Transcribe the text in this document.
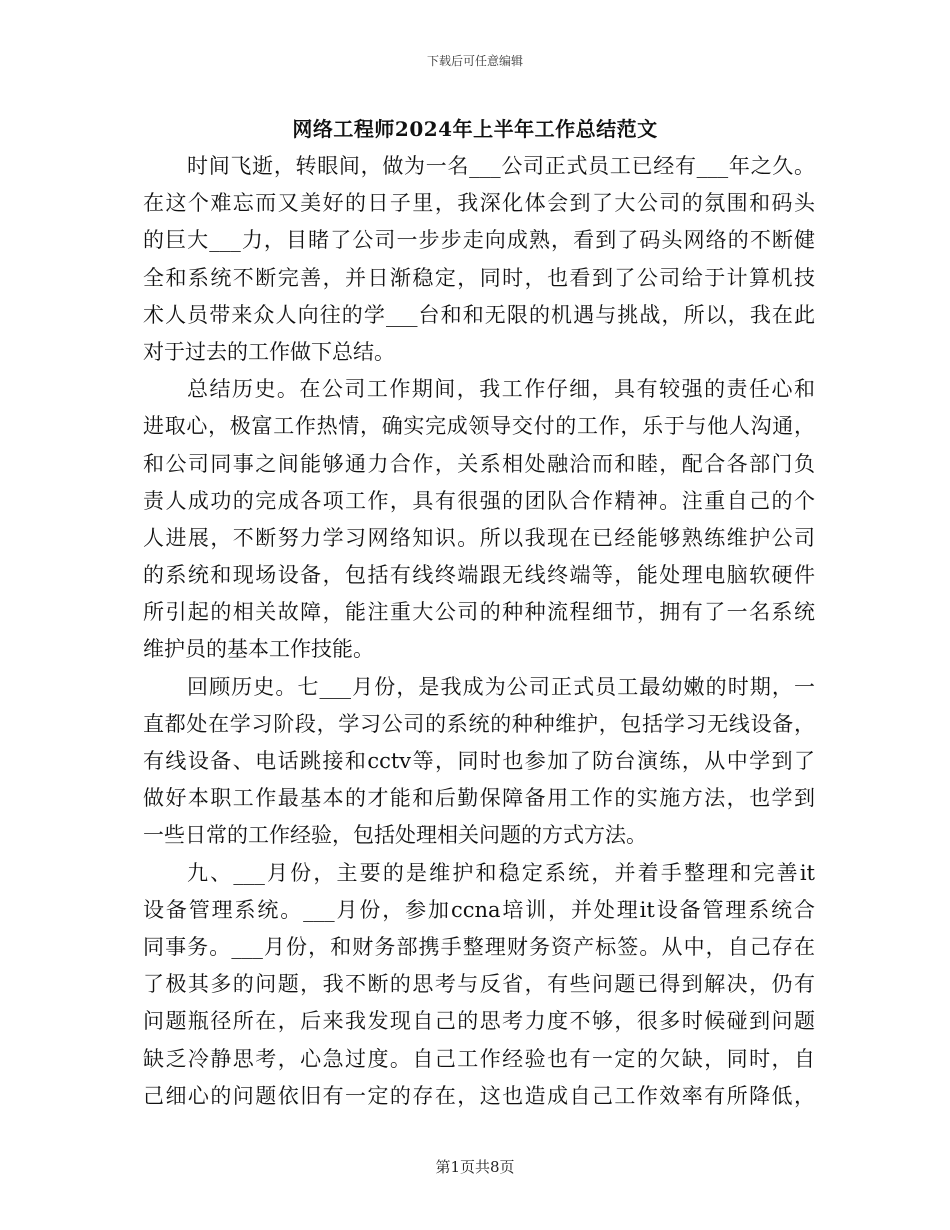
下载后可任意编辑
网络工程师2024年上半年工作总结范文
时间飞逝，转眼间，做为一名___公司正式员工已经有___年之久。
在这个难忘而又美好的日子里，我深化体会到了大公司的氛围和码头
的巨大___力，目睹了公司一步步走向成熟，看到了码头网络的不断健
全和系统不断完善，并日渐稳定，同时，也看到了公司给于计算机技
术人员带来众人向往的学___台和和无限的机遇与挑战，所以，我在此
对于过去的工作做下总结。
总结历史。在公司工作期间，我工作仔细，具有较强的责任心和
进取心，极富工作热情，确实完成领导交付的工作，乐于与他人沟通，
和公司同事之间能够通力合作，关系相处融洽而和睦，配合各部门负
责人成功的完成各项工作，具有很强的团队合作精神。注重自己的个
人进展，不断努力学习网络知识。所以我现在已经能够熟练维护公司
的系统和现场设备，包括有线终端跟无线终端等，能处理电脑软硬件
所引起的相关故障，能注重大公司的种种流程细节，拥有了一名系统
维护员的基本工作技能。
回顾历史。七___月份，是我成为公司正式员工最幼嫩的时期，一
直都处在学习阶段，学习公司的系统的种种维护，包括学习无线设备，
有线设备、电话跳接和cctv等，同时也参加了防台演练，从中学到了
做好本职工作最基本的才能和后勤保障备用工作的实施方法，也学到
一些日常的工作经验，包括处理相关问题的方式方法。
九、___月份，主要的是维护和稳定系统，并着手整理和完善it
设备管理系统。___月份，参加ccna培训，并处理it设备管理系统合
同事务。___月份，和财务部携手整理财务资产标签。从中，自己存在
了极其多的问题，我不断的思考与反省，有些问题已得到解决，仍有
问题瓶径所在，后来我发现自己的思考力度不够，很多时候碰到问题
缺乏冷静思考，心急过度。自己工作经验也有一定的欠缺，同时，自
己细心的问题依旧有一定的存在，这也造成自己工作效率有所降低，
第1页共8页
